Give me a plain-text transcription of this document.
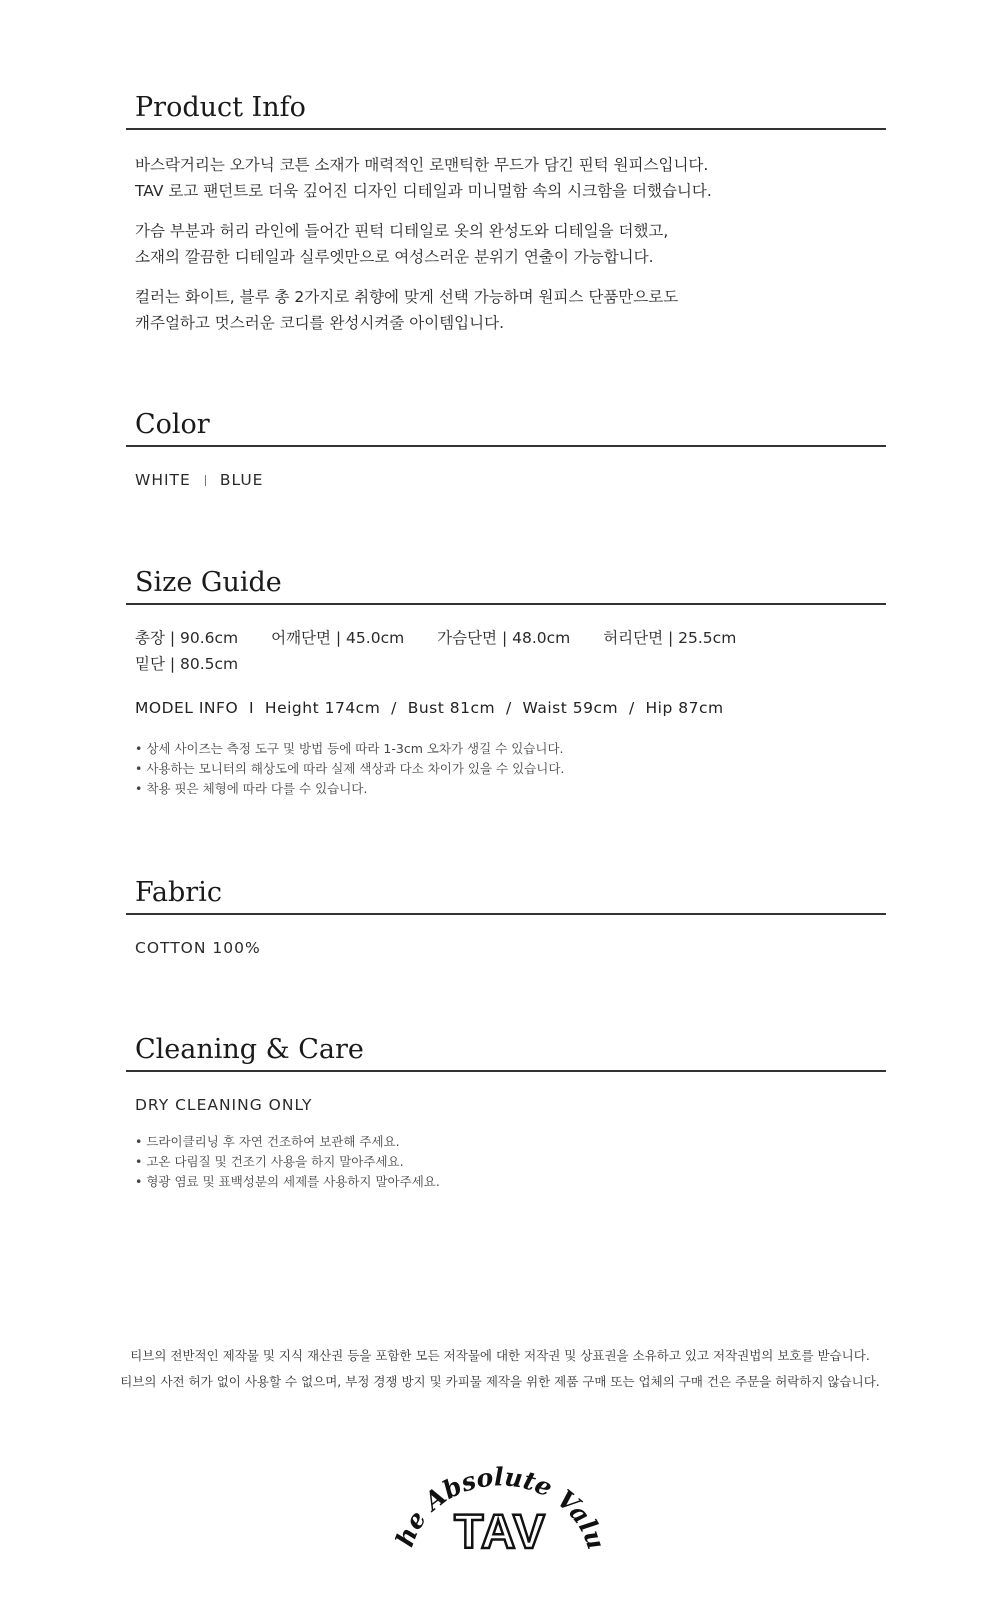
Product Info

바스락거리는 오가닉 코튼 소재가 매력적인 로맨틱한 무드가 담긴 핀턱 원피스입니다.
TAV 로고 팬던트로 더욱 깊어진 디자인 디테일과 미니멀함 속의 시크함을 더했습니다.

가슴 부분과 허리 라인에 들어간 핀턱 디테일로 옷의 완성도와 디테일을 더했고,
소재의 깔끔한 디테일과 실루엣만으로 여성스러운 분위기 연출이 가능합니다.

컬러는 화이트, 블루 총 2가지로 취향에 맞게 선택 가능하며 원피스 단품만으로도
캐주얼하고 멋스러운 코디를 완성시켜줄 아이템입니다.

Color
WHITE BLUE
Size Guide
총장 | 90.6cm 어깨단면 | 45.0cm 가슴단면 | 48.0cm 허리단면 | 25.5cm
밑단 | 80.5cm
MODEL INFO  I  Height 174cm  /  Bust 81cm  /  Waist 59cm  /  Hip 87cm

• 상세 사이즈는 측정 도구 및 방법 등에 따라 1-3cm 오차가 생길 수 있습니다.

• 사용하는 모니터의 해상도에 따라 실제 색상과 다소 차이가 있을 수 있습니다.

• 착용 핏은 체형에 따라 다를 수 있습니다.

Fabric
COTTON 100%
Cleaning & Care
DRY CLEANING ONLY

• 드라이클리닝 후 자연 건조하여 보관해 주세요.

• 고온 다림질 및 건조기 사용을 하지 말아주세요.

• 형광 염료 및 표백성분의 세제를 사용하지 말아주세요.

티브의 전반적인 제작물 및 지식 재산권 등을 포함한 모든 저작물에 대한 저작권 및 상표권을 소유하고 있고 저작권법의 보호를 받습니다.

티브의 사전 허가 없이 사용할 수 없으며, 부정 경쟁 방지 및 카피물 제작을 위한 제품 구매 또는 업체의 구매 건은 주문을 허락하지 않습니다.

e Absolute Val
TAV
